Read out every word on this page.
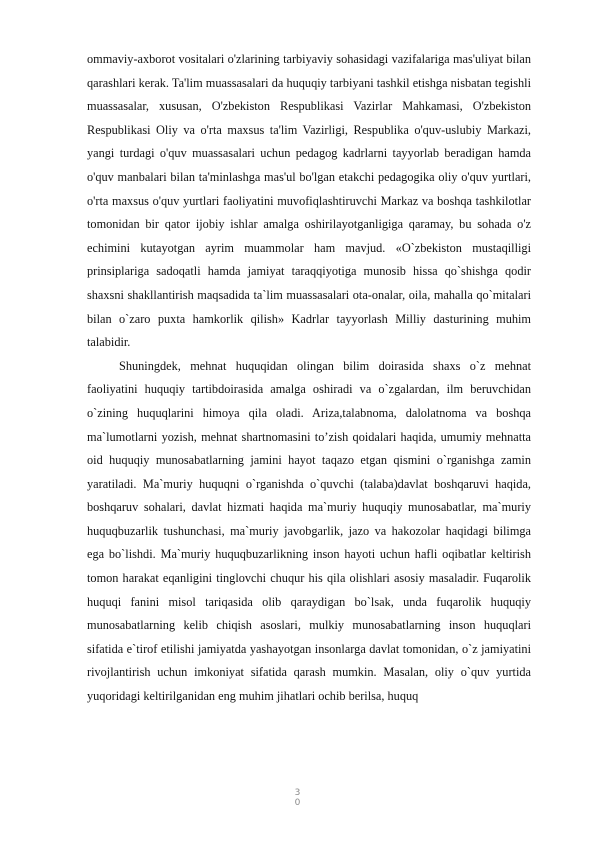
ommaviy-axborot vositalari o'zlarining tarbiyaviy sohasidagi vazifalariga mas'uliyat bilan qarashlari kerak. Ta'lim muassasalari da huquqiy tarbiyani tashkil etishga nisbatan tegishli muassasalar, xususan, O'zbekiston Respublikasi Vazirlar Mahkamasi, O'zbekiston Respublikasi Oliy va o'rta maxsus ta'lim Vazirligi, Respublika o'quv-uslubiy Markazi, yangi turdagi o'quv muassasalari uchun pedagog kadrlarni tayyorlab beradigan hamda o'quv manbalari bilan ta'minlashga mas'ul bo'lgan etakchi pedagogika oliy o'quv yurtlari, o'rta maxsus o'quv yurtlari faoliyatini muvofiqlashtiruvchi Markaz va boshqa tashkilotlar tomonidan bir qator ijobiy ishlar amalga oshirilayotganligiga qaramay, bu sohada o'z echimini kutayotgan ayrim muammolar ham mavjud. «O`zbekiston mustaqilligi prinsiplariga sadoqatli hamda jamiyat taraqqiyotiga munosib hissa qo`shishga qodir shaxsni shakllantirish maqsadida ta`lim muassasalari ota-onalar, oila, mahalla qo`mitalari bilan o`zaro puxta hamkorlik qilish» Kadrlar tayyorlash Milliy dasturining muhim talabidir.

Shuningdek, mehnat huquqidan olingan bilim doirasida shaxs o`z mehnat faoliyatini huquqiy tartibdoirasida amalga oshiradi va o`zgalardan, ilm beruvchidan o`zining huquqlarini himoya qila oladi. Ariza,talabnoma, dalolatnoma va boshqa ma`lumotlarni yozish, mehnat shartnomasini to’zish qoidalari haqida, umumiy mehnatta oid huquqiy munosabatlarning jamini hayot taqazo etgan qismini o`rganishga zamin yaratiladi. Ma`muriy huquqni o`rganishda o`quvchi (talaba)davlat boshqaruvi haqida, boshqaruv sohalari, davlat hizmati haqida ma`muriy huquqiy munosabatlar, ma`muriy huquqbuzarlik tushunchasi, ma`muriy javobgarlik, jazo va hakozolar haqidagi bilimga ega bo`lishdi. Ma`muriy huquqbuzarlikning inson hayoti uchun hafli oqibatlar keltirish tomon harakat eqanligini tinglovchi chuqur his qila olishlari asosiy masaladir. Fuqarolik huquqi fanini misol tariqasida olib qaraydigan bo`lsak, unda fuqarolik huquqiy munosabatlarning kelib chiqish asoslari, mulkiy munosabatlarning inson huquqlari sifatida e`tirof etilishi jamiyatda yashayotgan insonlarga davlat tomonidan, o`z jamiyatini rivojlantirish uchun imkoniyat sifatida qarash mumkin. Masalan, oliy o`quv yurtida yuqoridagi keltirilganidan eng muhim jihatlari ochib berilsa, huquq

3
0
